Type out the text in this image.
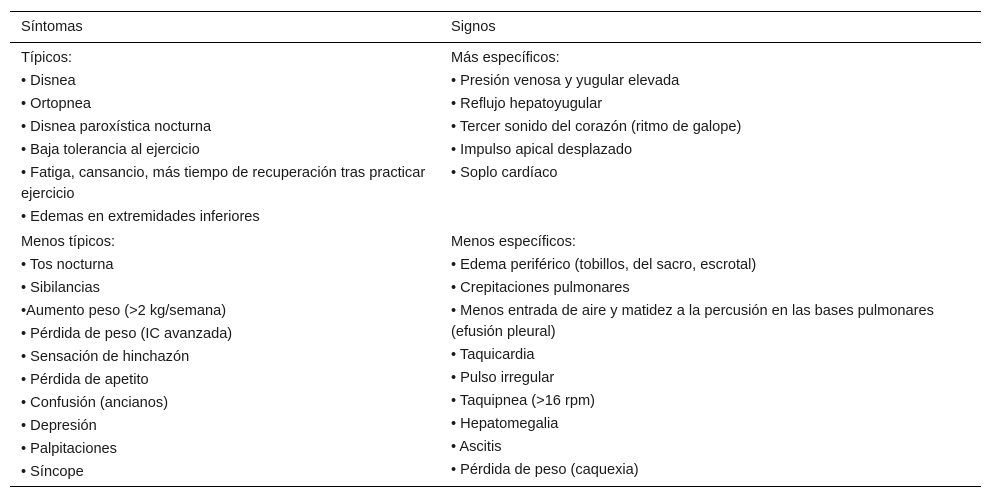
Síntomas	Signos
Típicos:
• Disnea
• Ortopnea
• Disnea paroxística nocturna
• Baja tolerancia al ejercicio
• Fatiga, cansancio, más tiempo de recuperación tras practicar ejercicio
• Edemas en extremidades inferiores
Más específicos:
• Presión venosa y yugular elevada
• Reflujo hepatoyugular
• Tercer sonido del corazón (ritmo de galope)
• Impulso apical desplazado
• Soplo cardíaco
Menos típicos:
• Tos nocturna
• Sibilancias
•Aumento peso (>2 kg/semana)
• Pérdida de peso (IC avanzada)
• Sensación de hinchazón
• Pérdida de apetito
• Confusión (ancianos)
• Depresión
• Palpitaciones
• Síncope
Menos específicos:
• Edema periférico (tobillos, del sacro, escrotal)
• Crepitaciones pulmonares
• Menos entrada de aire y matidez a la percusión en las bases pulmonares (efusión pleural)
• Taquicardia
• Pulso irregular
• Taquipnea (>16 rpm)
• Hepatomegalia
• Ascitis
• Pérdida de peso (caquexia)
